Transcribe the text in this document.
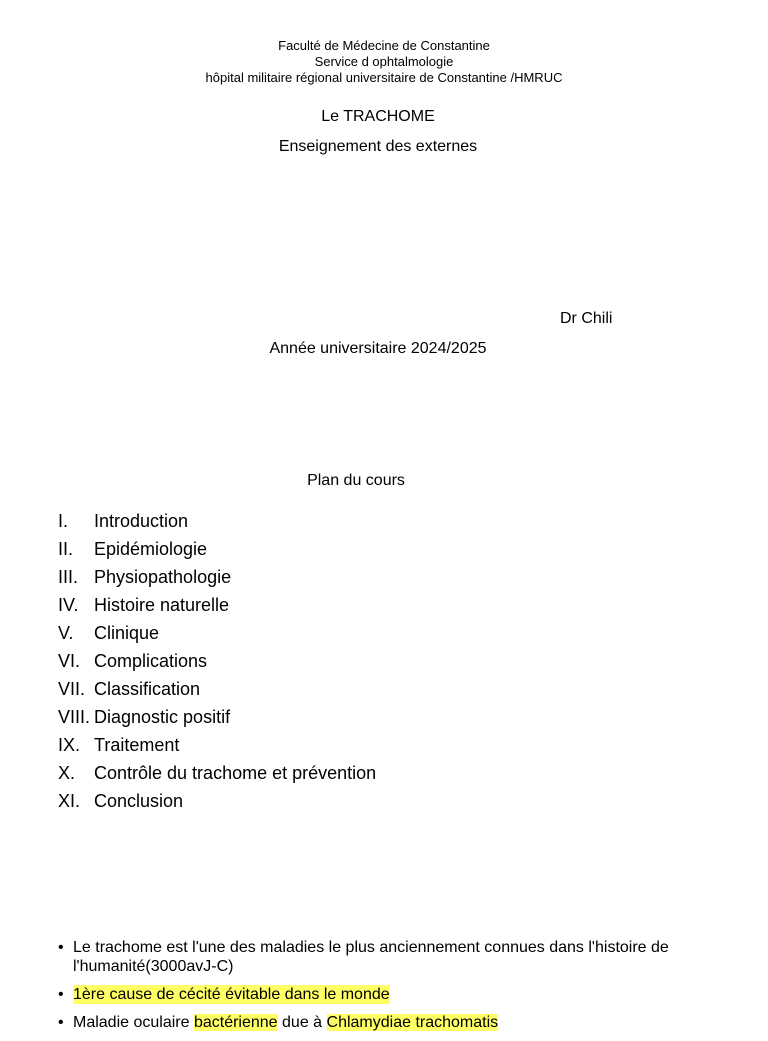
Faculté de Médecine de Constantine
Service d ophtalmologie
hôpital militaire régional universitaire de Constantine /HMRUC
Le TRACHOME
Enseignement des externes
Dr Chili
Année universitaire 2024/2025
Plan du cours
I.	Introduction
II.	Epidémiologie
III. Physiopathologie
IV. Histoire naturelle
V.	Clinique
VI. Complications
VII. Classification
VIII. Diagnostic positif
IX. Traitement
X.	Contrôle du trachome et prévention
XI. Conclusion
• Le trachome est l'une des maladies le plus anciennement connues dans l'histoire de l'humanité(3000avJ-C)
• 1ère cause de cécité évitable dans le monde
• Maladie oculaire bactérienne due à Chlamydiae trachomatis
